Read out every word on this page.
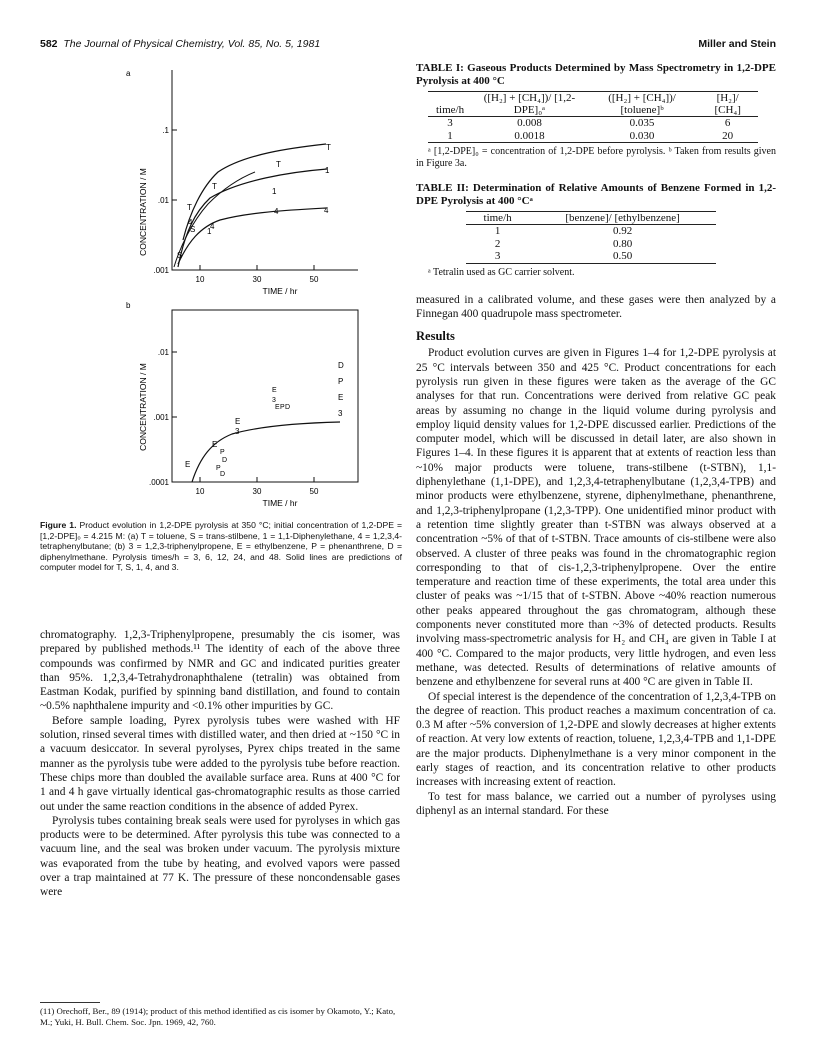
582 The Journal of Physical Chemistry, Vol. 85, No. 5, 1981	Miller and Stein
a
.001
.01
.1
10	30	50
TIME / hr
CONCENTRATION / M
T
T
T
T
1
1
1
4
4
4
4
S
S
b
.0001
.001
.01
10	30	50
TIME / hr
CONCENTRATION / M	D
P
E
3
E
3
E P D
E
3
E
P
D
E	P
D
Figure 1. Product evolution in 1,2-DPE pyrolysis at 350 °C; initial concentration of 1,2-DPE = [1,2-DPE]₀ = 4.215 M: (a) T = toluene, S = trans-stilbene, 1 = 1,1-Diphenylethane, 4 = 1,2,3,4-tetraphenylbutane; (b) 3 = 1,2,3-triphenylpropene, E = ethylbenzene, P = phenanthrene, D = diphenylmethane. Pyrolysis times/h = 3, 6, 12, 24, and 48. Solid lines are predictions of computer model for T, S, 1, 4, and 3.

chromatography. 1,2,3-Triphenylpropene, presumably the cis isomer, was prepared by published methods.¹¹ The identity of each of the above three compounds was confirmed by NMR and GC and indicated purities greater than 95%. 1,2,3,4-Tetrahydronaphthalene (tetralin) was obtained from Eastman Kodak, purified by spinning band distillation, and found to contain ~0.5% naphthalene impurity and <0.1% other impurities by GC.

Before sample loading, Pyrex pyrolysis tubes were washed with HF solution, rinsed several times with distilled water, and then dried at ~150 °C in a vacuum desiccator. In several pyrolyses, Pyrex chips treated in the same manner as the pyrolysis tube were added to the pyrolysis tube before reaction. These chips more than doubled the available surface area. Runs at 400 °C for 1 and 4 h gave virtually identical gas-chromatographic results as those carried out under the same reaction conditions in the absence of added Pyrex.

Pyrolysis tubes containing break seals were used for pyrolyses in which gas products were to be determined. After pyrolysis this tube was connected to a vacuum line, and the seal was broken under vacuum. The pyrolysis mixture was evaporated from the tube by heating, and evolved vapors were passed over a trap maintained at 77 K. The pressure of these noncondensable gases were

(11) Orechoff, Ber., 89 (1914); product of this method identified as cis isomer by Okamoto, Y.; Kato, M.; Yuki, H. Bull. Chem. Soc. Jpn. 1969, 42, 760.
TABLE I: Gaseous Products Determined by Mass Spectrometry in 1,2-DPE Pyrolysis at 400 °C
time/h	([H₂] + [CH₄])/ [1,2-DPE]₀ᵃ	([H₂] + [CH₄])/ [toluene]ᵇ	[H₂]/ [CH₄]

3	0.008	0.035	6
1	0.0018	0.030	20
ᵃ [1,2-DPE]₀ = concentration of 1,2-DPE before pyrolysis. ᵇ Taken from results given in Figure 3a.
TABLE II: Determination of Relative Amounts of Benzene Formed in 1,2-DPE Pyrolysis at 400 °Cᵃ
time/h	[benzene]/ [ethylbenzene]

1	0.92
2	0.80
3	0.50
ᵃ Tetralin used as GC carrier solvent.

measured in a calibrated volume, and these gases were then analyzed by a Finnegan 400 quadrupole mass spectrometer.

Results

Product evolution curves are given in Figures 1–4 for 1,2-DPE pyrolysis at 25 °C intervals between 350 and 425 °C. Product concentrations for each pyrolysis run given in these figures were taken as the average of the GC analyses for that run. Concentrations were derived from relative GC peak areas by assuming no change in the liquid volume during pyrolysis and employ liquid density values for 1,2-DPE discussed earlier. Predictions of the computer model, which will be discussed in detail later, are also shown in Figures 1–4. In these figures it is apparent that at extents of reaction less than ~10% major products were toluene, trans-stilbene (t-STBN), 1,1-diphenylethane (1,1-DPE), and 1,2,3,4-tetraphenylbutane (1,2,3,4-TPB) and minor products were ethylbenzene, styrene, diphenylmethane, phenanthrene, and 1,2,3-triphenylpropane (1,2,3-TPP). One unidentified minor product with a retention time slightly greater than t-STBN was always observed at a concentration ~5% of that of t-STBN. Trace amounts of cis-stilbene were also observed. A cluster of three peaks was found in the chromatographic region corresponding to that of cis-1,2,3-triphenylpropene. Over the entire temperature and reaction time of these experiments, the total area under this cluster of peaks was ~1/15 that of t-STBN. Above ~40% reaction numerous other peaks appeared throughout the gas chromatogram, although these components never constituted more than ~3% of detected products. Results involving mass-spectrometric analysis for H₂ and CH₄ are given in Table I at 400 °C. Compared to the major products, very little hydrogen, and even less methane, was detected. Results of determinations of relative amounts of benzene and ethylbenzene for several runs at 400 °C are given in Table II.

Of special interest is the dependence of the concentration of 1,2,3,4-TPB on the degree of reaction. This product reaches a maximum concentration of ca. 0.3 M after ~5% conversion of 1,2-DPE and slowly decreases at higher extents of reaction. At very low extents of reaction, toluene, 1,2,3,4-TPB and 1,1-DPE are the major products. Diphenylmethane is a very minor component in the early stages of reaction, and its concentration relative to other products increases with increasing extent of reaction.

To test for mass balance, we carried out a number of pyrolyses using diphenyl as an internal standard. For these
